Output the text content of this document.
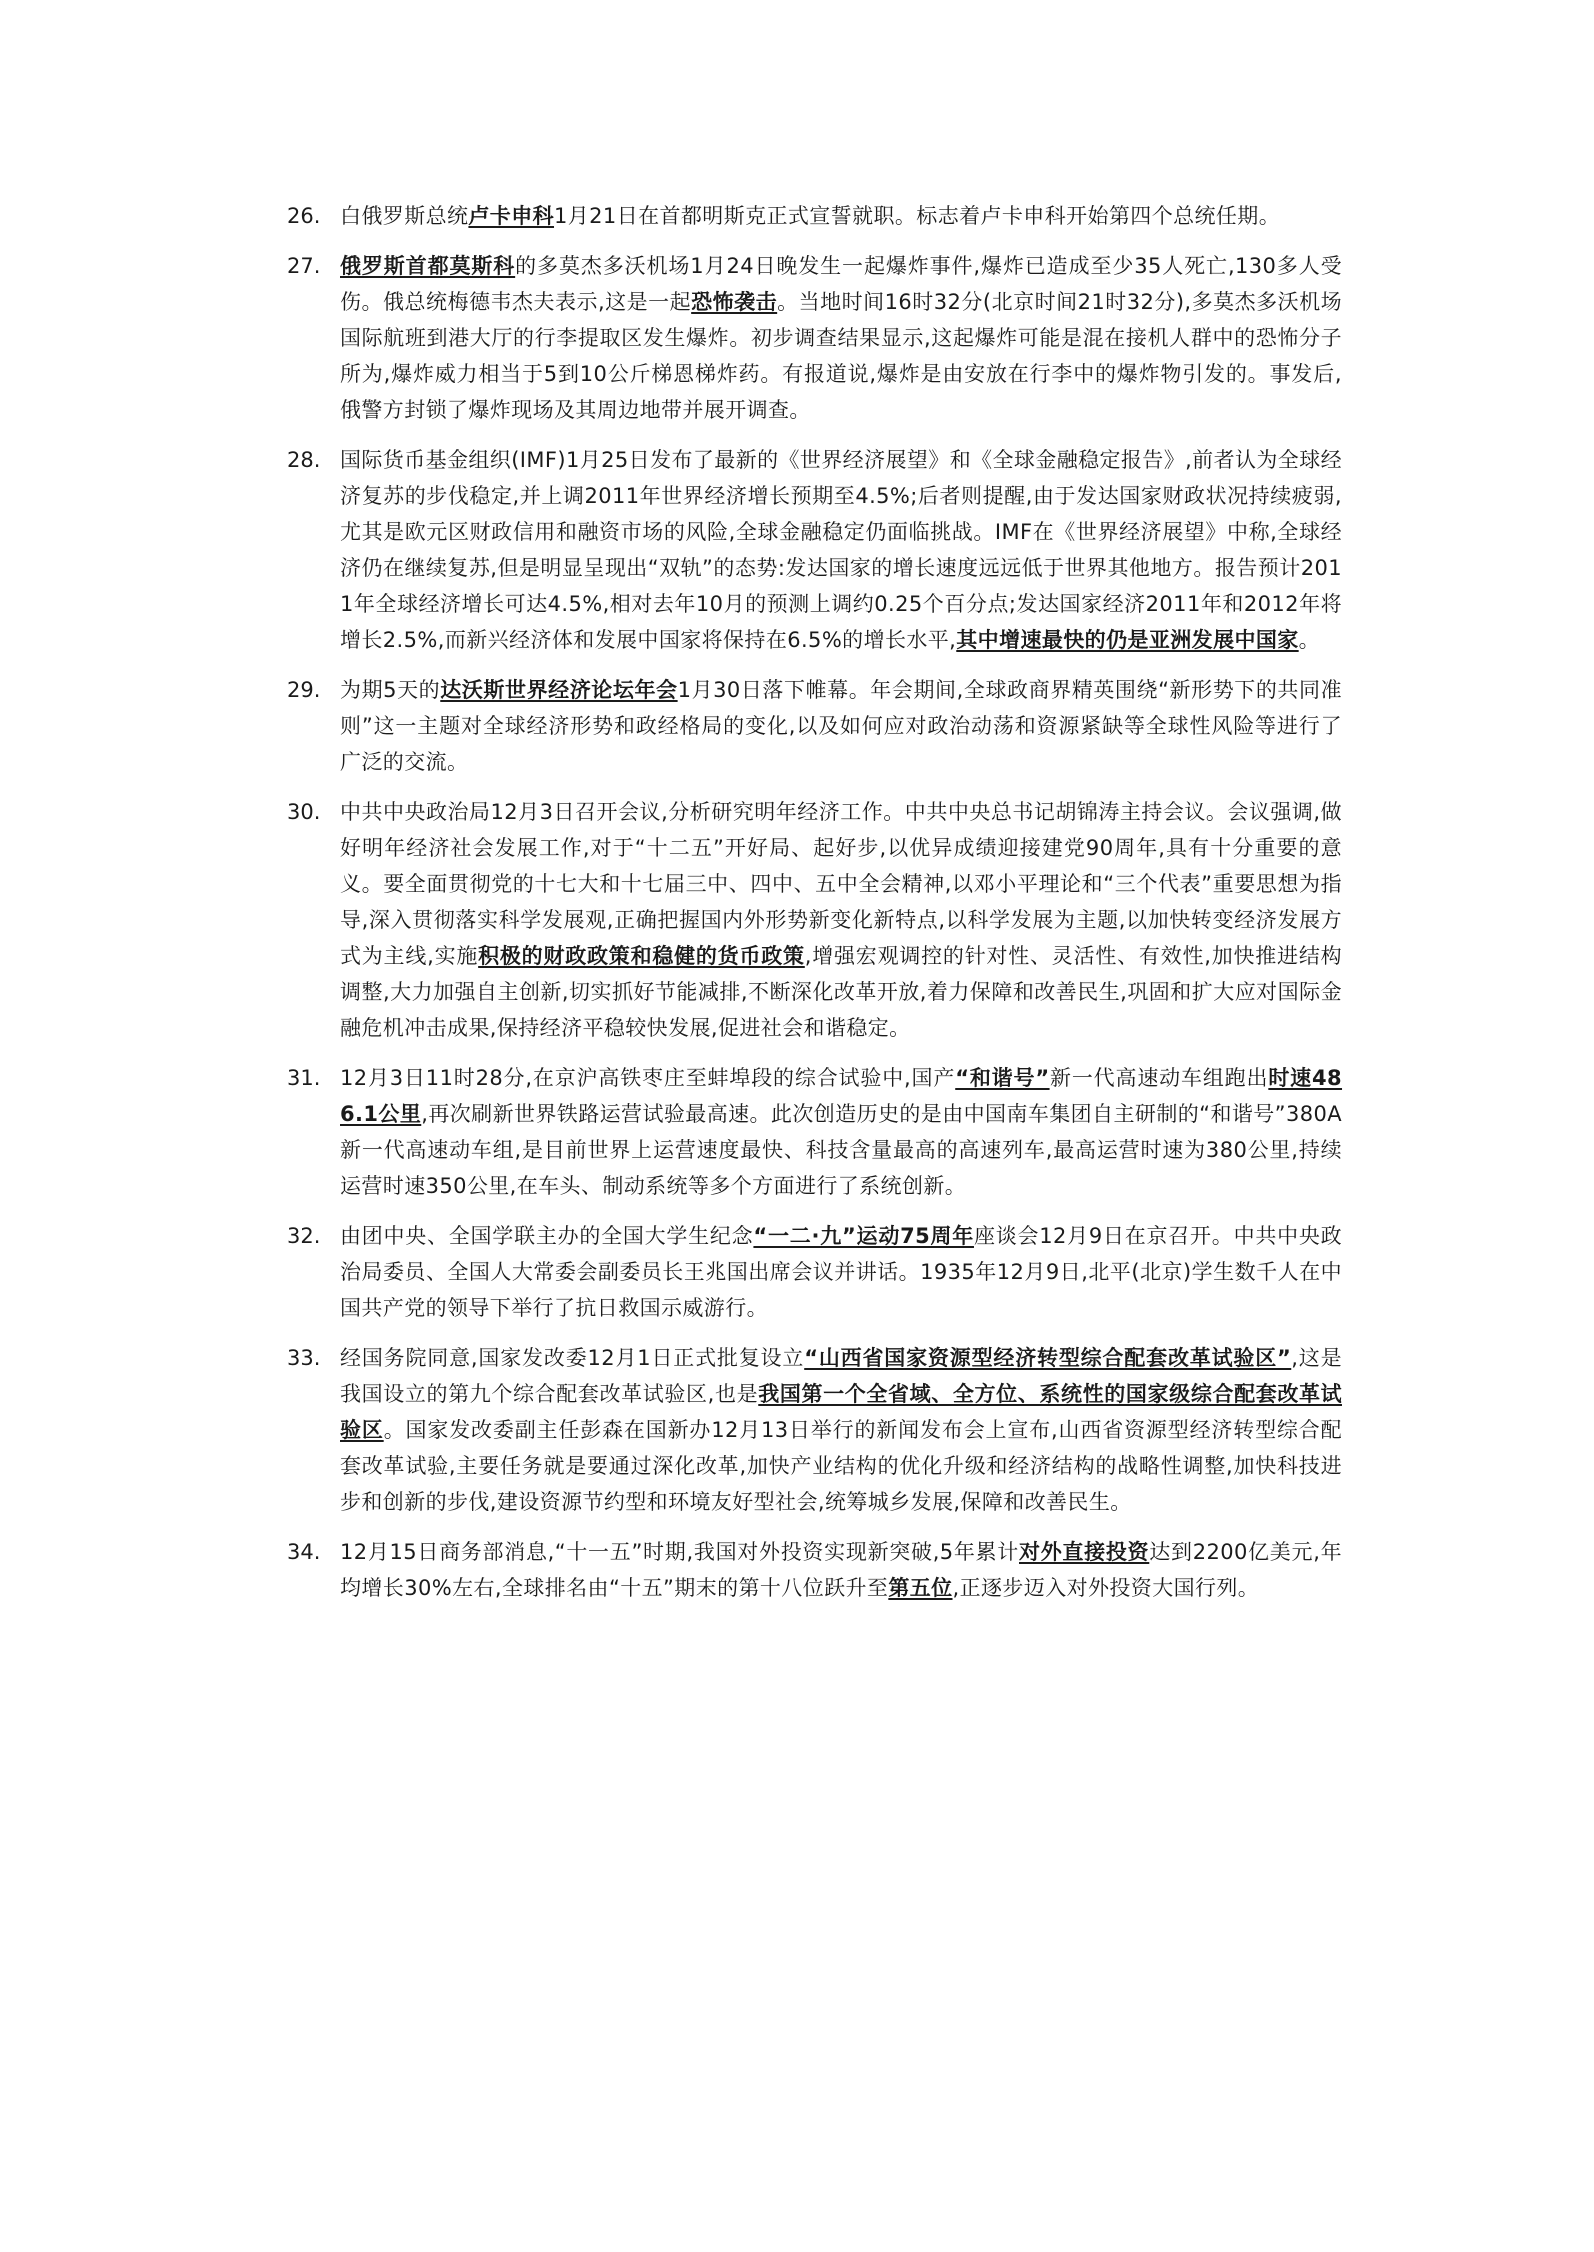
26. 白俄罗斯总统卢卡申科1月21日在首都明斯克正式宣誓就职。标志着卢卡申科开始第四个总统任期。
27. 俄罗斯首都莫斯科的多莫杰多沃机场1月24日晚发生一起爆炸事件,爆炸已造成至少35人死亡,130多人受伤。俄总统梅德韦杰夫表示,这是一起恐怖袭击。当地时间16时32分(北京时间21时32分),多莫杰多沃机场国际航班到港大厅的行李提取区发生爆炸。初步调查结果显示,这起爆炸可能是混在接机人群中的恐怖分子所为,爆炸威力相当于5到10公斤梯恩梯炸药。有报道说,爆炸是由安放在行李中的爆炸物引发的。事发后,俄警方封锁了爆炸现场及其周边地带并展开调查。
28. 国际货币基金组织(IMF)1月25日发布了最新的《世界经济展望》和《全球金融稳定报告》,前者认为全球经济复苏的步伐稳定,并上调2011年世界经济增长预期至4.5%;后者则提醒,由于发达国家财政状况持续疲弱,尤其是欧元区财政信用和融资市场的风险,全球金融稳定仍面临挑战。IMF在《世界经济展望》中称,全球经济仍在继续复苏,但是明显呈现出“双轨”的态势:发达国家的增长速度远远低于世界其他地方。报告预计2011年全球经济增长可达4.5%,相对去年10月的预测上调约0.25个百分点;发达国家经济2011年和2012年将增长2.5%,而新兴经济体和发展中国家将保持在6.5%的增长水平,其中增速最快的仍是亚洲发展中国家。
29. 为期5天的达沃斯世界经济论坛年会1月30日落下帷幕。年会期间,全球政商界精英围绕“新形势下的共同准则”这一主题对全球经济形势和政经格局的变化,以及如何应对政治动荡和资源紧缺等全球性风险等进行了广泛的交流。
30. 中共中央政治局12月3日召开会议,分析研究明年经济工作。中共中央总书记胡锦涛主持会议。会议强调,做好明年经济社会发展工作,对于“十二五”开好局、起好步,以优异成绩迎接建党90周年,具有十分重要的意义。要全面贯彻党的十七大和十七届三中、四中、五中全会精神,以邓小平理论和“三个代表”重要思想为指导,深入贯彻落实科学发展观,正确把握国内外形势新变化新特点,以科学发展为主题,以加快转变经济发展方式为主线,实施积极的财政政策和稳健的货币政策,增强宏观调控的针对性、灵活性、有效性,加快推进结构调整,大力加强自主创新,切实抓好节能减排,不断深化改革开放,着力保障和改善民生,巩固和扩大应对国际金融危机冲击成果,保持经济平稳较快发展,促进社会和谐稳定。
31. 12月3日11时28分,在京沪高铁枣庄至蚌埠段的综合试验中,国产“和谐号”新一代高速动车组跑出时速486.1公里,再次刷新世界铁路运营试验最高速。此次创造历史的是由中国南车集团自主研制的“和谐号”380A新一代高速动车组,是目前世界上运营速度最快、科技含量最高的高速列车,最高运营时速为380公里,持续运营时速350公里,在车头、制动系统等多个方面进行了系统创新。
32. 由团中央、全国学联主办的全国大学生纪念“一二·九”运动75周年座谈会12月9日在京召开。中共中央政治局委员、全国人大常委会副委员长王兆国出席会议并讲话。1935年12月9日,北平(北京)学生数千人在中国共产党的领导下举行了抗日救国示威游行。
33. 经国务院同意,国家发改委12月1日正式批复设立“山西省国家资源型经济转型综合配套改革试验区”,这是我国设立的第九个综合配套改革试验区,也是我国第一个全省域、全方位、系统性的国家级综合配套改革试验区。国家发改委副主任彭森在国新办12月13日举行的新闻发布会上宣布,山西省资源型经济转型综合配套改革试验,主要任务就是要通过深化改革,加快产业结构的优化升级和经济结构的战略性调整,加快科技进步和创新的步伐,建设资源节约型和环境友好型社会,统筹城乡发展,保障和改善民生。
34. 12月15日商务部消息,“十一五”时期,我国对外投资实现新突破,5年累计对外直接投资达到2200亿美元,年均增长30%左右,全球排名由“十五”期末的第十八位跃升至第五位,正逐步迈入对外投资大国行列。
